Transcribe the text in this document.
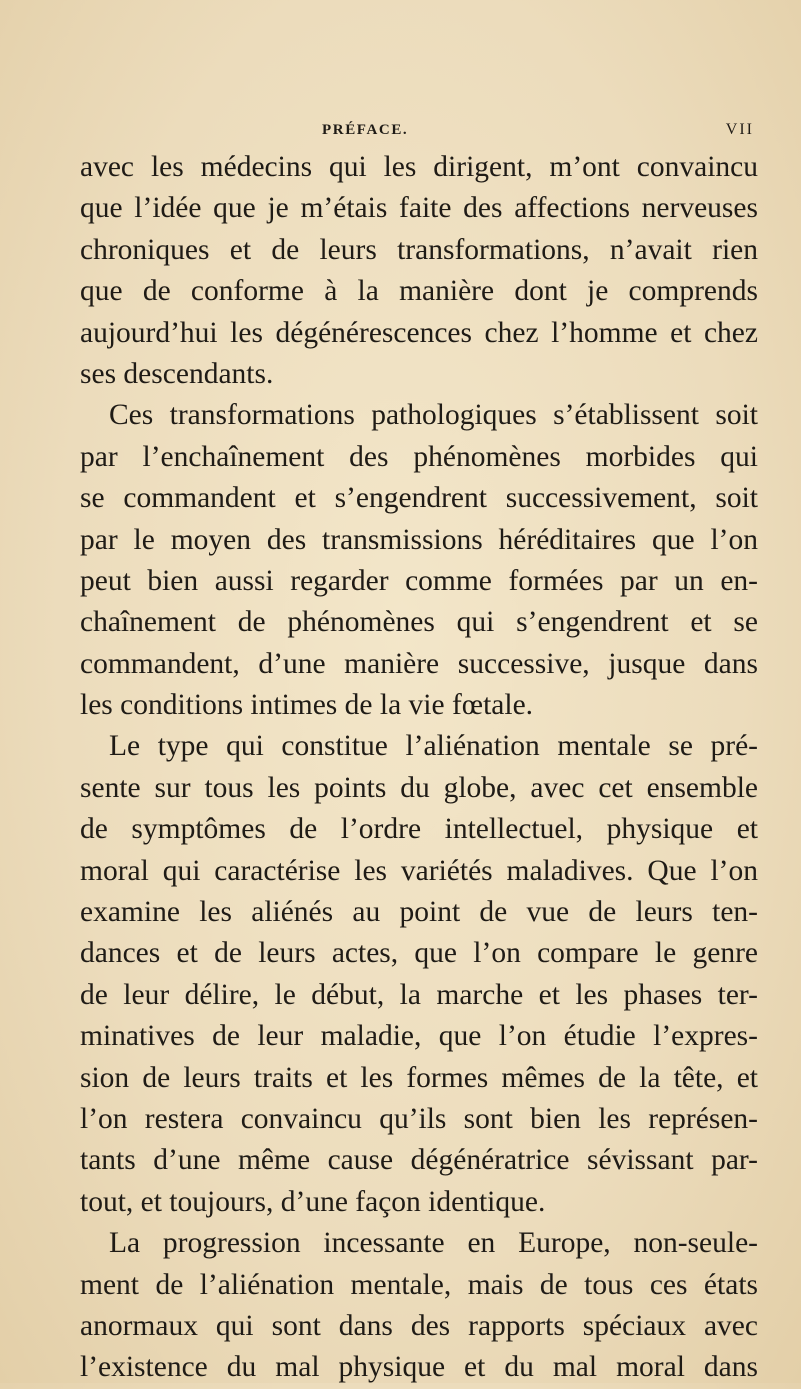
PRÉFACE.	VII
avec les médecins qui les dirigent, m’ont convaincu
que l’idée que je m’étais faite des affections nerveuses
chroniques et de leurs transformations, n’avait rien
que de conforme à la manière dont je comprends
aujourd’hui les dégénérescences chez l’homme et chez
ses descendants.
Ces transformations pathologiques s’établissent soit
par l’enchaînement des phénomènes morbides qui
se commandent et s’engendrent successivement, soit
par le moyen des transmissions héréditaires que l’on
peut bien aussi regarder comme formées par un en-
chaînement de phénomènes qui s’engendrent et se
commandent, d’une manière successive, jusque dans
les conditions intimes de la vie fœtale.
Le type qui constitue l’aliénation mentale se pré-
sente sur tous les points du globe, avec cet ensemble
de symptômes de l’ordre intellectuel, physique et
moral qui caractérise les variétés maladives. Que l’on
examine les aliénés au point de vue de leurs ten-
dances et de leurs actes, que l’on compare le genre
de leur délire, le début, la marche et les phases ter-
minatives de leur maladie, que l’on étudie l’expres-
sion de leurs traits et les formes mêmes de la tête, et
l’on restera convaincu qu’ils sont bien les représen-
tants d’une même cause dégénératrice sévissant par-
tout, et toujours, d’une façon identique.
La progression incessante en Europe, non-seule-
ment de l’aliénation mentale, mais de tous ces états
anormaux qui sont dans des rapports spéciaux avec
l’existence du mal physique et du mal moral dans
